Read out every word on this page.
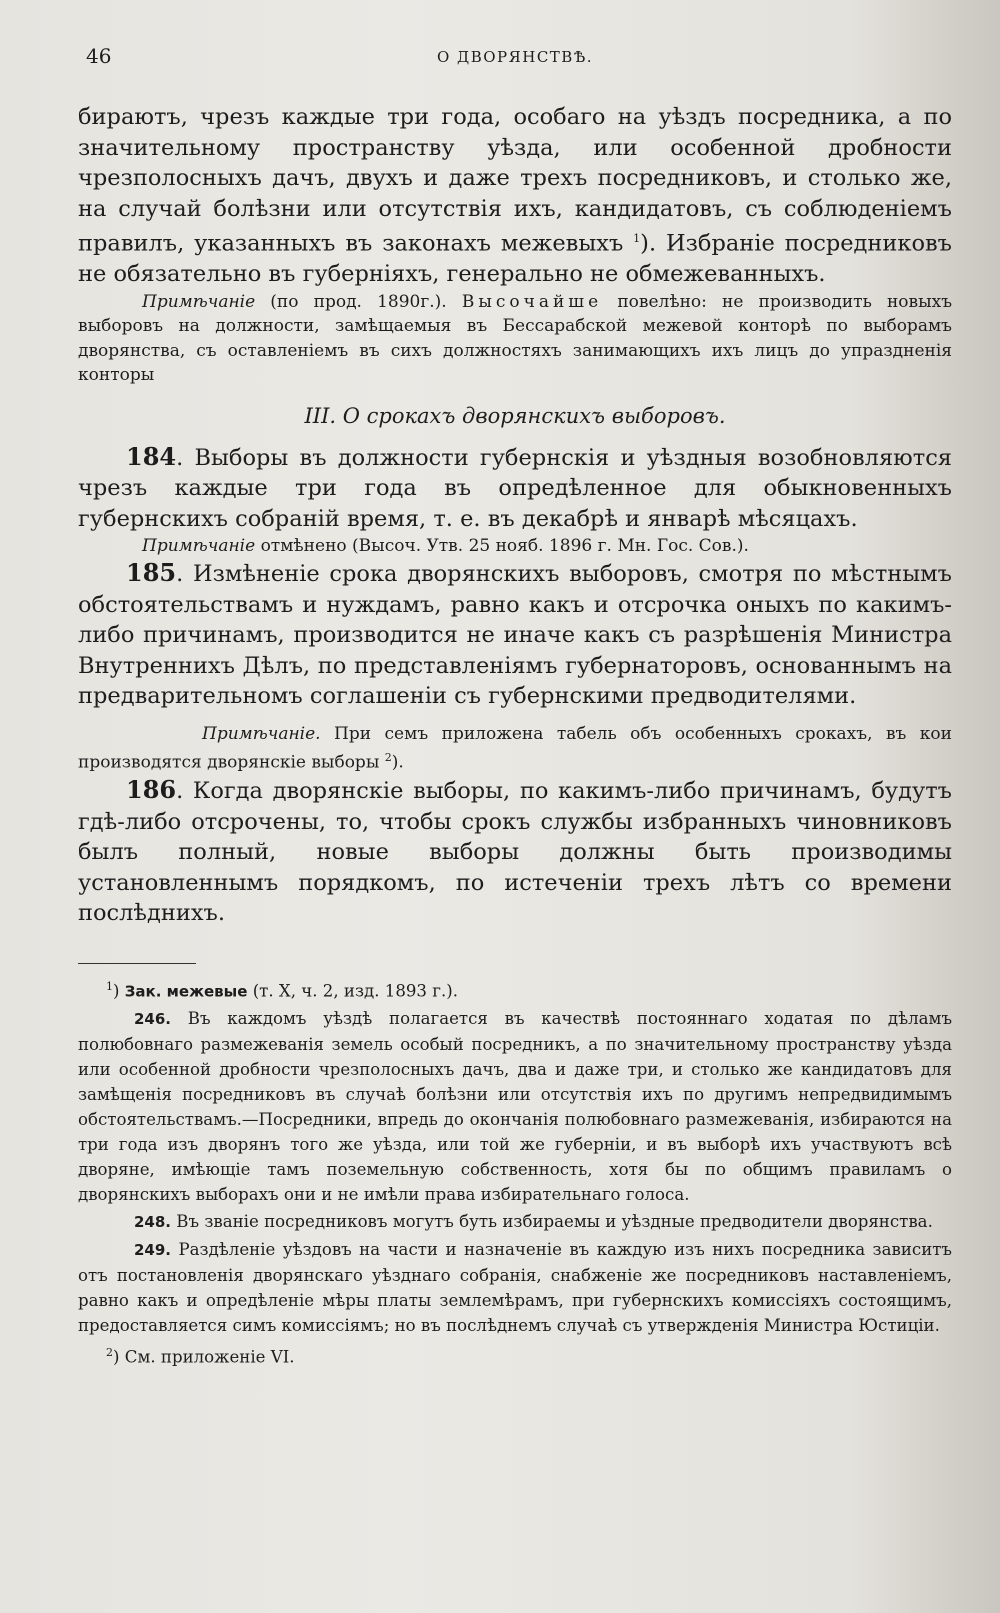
46	О ДВОРЯНСТВѢ.

бираютъ, чрезъ каждые три года, особаго на уѣздъ посредника, а по значительному пространству уѣзда, или особенной дробности чрезполосныхъ дачъ, двухъ и даже трехъ посредниковъ, и столько же, на случай болѣзни или отсутствія ихъ, кандидатовъ, съ соблюденіемъ правилъ, указанныхъ въ законахъ межевыхъ $^1$). Избраніе посредниковъ не обязательно въ губерніяхъ, генерально не обмежеванныхъ.

Примѣчаніе (по прод. 1890г.). Высочайше повелѣно: не производить новыхъ выборовъ на должности, замѣщаемыя въ Бессарабской межевой конторѣ по выборамъ дворянства, съ оставленіемъ въ сихъ должностяхъ занимающихъ ихъ лицъ до упраздненія конторы

III. О срокахъ дворянскихъ выборовъ.

184. Выборы въ должности губернскія и уѣздныя возобновляются чрезъ каждые три года въ опредѣленное для обыкновенныхъ губернскихъ собраній время, т. е. въ декабрѣ и январѣ мѣсяцахъ.

Примѣчаніе отмѣнено (Высоч. Утв. 25 нояб. 1896 г. Мн. Гос. Сов.).

185. Измѣненіе срока дворянскихъ выборовъ, смотря по мѣстнымъ обстоятельствамъ и нуждамъ, равно какъ и отсрочка оныхъ по какимъ-либо причинамъ, производится не иначе какъ съ разрѣшенія Министра Внутреннихъ Дѣлъ, по представленіямъ губернаторовъ, основаннымъ на предварительномъ соглашеніи съ губернскими предводителями.

Примѣчаніе. При семъ приложена табель объ особенныхъ срокахъ, въ кои производятся дворянскіе выборы $^2$).

186. Когда дворянскіе выборы, по какимъ-либо причинамъ, будутъ гдѣ-либо отсрочены, то, чтобы срокъ службы избранныхъ чиновниковъ былъ полный, новые выборы должны быть производимы установленнымъ порядкомъ, по истеченіи трехъ лѣтъ со времени послѣднихъ.

$^1$) Зак. межевые (т. X, ч. 2, изд. 1893 г.).

246. Въ каждомъ уѣздѣ полагается въ качествѣ постояннаго ходатая по дѣламъ полюбовнаго размежеванія земель особый посредникъ, а по значительному пространству уѣзда или особенной дробности чрезполосныхъ дачъ, два и даже три, и столько же кандидатовъ для замѣщенія посредниковъ въ случаѣ болѣзни или отсутствія ихъ по другимъ непредвидимымъ обстоятельствамъ.—Посредники, впредь до окончанія полюбовнаго размежеванія, избираются на три года изъ дворянъ того же уѣзда, или той же губерніи, и въ выборѣ ихъ участвуютъ всѣ дворяне, имѣющіе тамъ поземельную собственность, хотя бы по общимъ правиламъ о дворянскихъ выборахъ они и не имѣли права избирательнаго голоса.

248. Въ званіе посредниковъ могутъ буть избираемы и уѣздные предводители дворянства.

249. Раздѣленіе уѣздовъ на части и назначеніе въ каждую изъ нихъ посредника зависитъ отъ постановленія дворянскаго уѣзднаго собранія, снабженіе же посредниковъ наставленіемъ, равно какъ и опредѣленіе мѣры платы землемѣрамъ, при губернскихъ комиссіяхъ состоящимъ, предоставляется симъ комиссіямъ; но въ послѣднемъ случаѣ съ утвержденія Министра Юстиціи.

$^2$) См. приложеніе VI.
